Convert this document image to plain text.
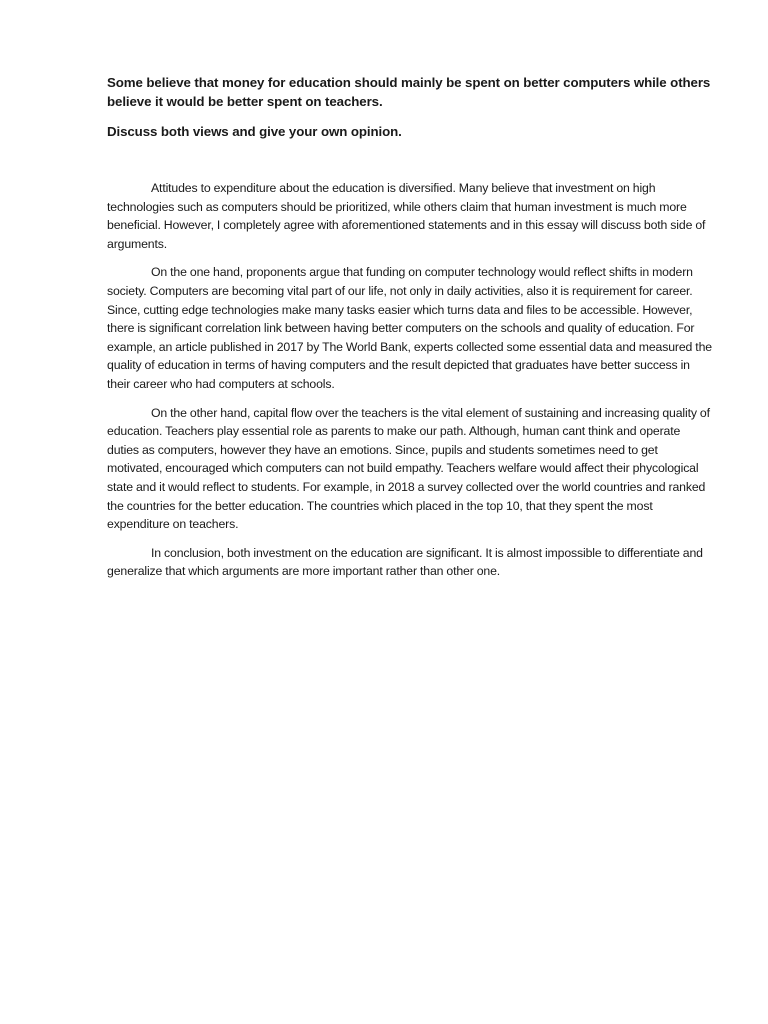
Some believe that money for education should mainly be spent on better computers while others believe it would be better spent on teachers.

Discuss both views and give your own opinion.

Attitudes to expenditure about the education is diversified. Many believe that investment on high technologies such as computers should be prioritized, while others claim that human investment is much more beneficial. However, I completely agree with aforementioned statements and in this essay will discuss both side of arguments.

On the one hand, proponents argue that funding on computer technology would reflect shifts in modern society. Computers are becoming vital part of our life, not only in daily activities, also it is requirement for career. Since, cutting edge technologies make many tasks easier which turns data and files to be accessible. However, there is significant correlation link between having better computers on the schools and quality of education. For example, an article published in 2017 by The World Bank, experts collected some essential data and measured the quality of education in terms of having computers and the result depicted that graduates have better success in their career who had computers at schools.

On the other hand, capital flow over the teachers is the vital element of sustaining and increasing quality of education. Teachers play essential role as parents to make our path. Although, human cant think and operate duties as computers, however they have an emotions. Since, pupils and students sometimes need to get motivated, encouraged which computers can not build empathy. Teachers welfare would affect their phycological state and it would reflect to students. For example, in 2018 a survey collected over the world countries and ranked the countries for the better education. The countries which placed in the top 10, that they spent the most expenditure on teachers.

In conclusion, both investment on the education are significant. It is almost impossible to differentiate and generalize that which arguments are more important rather than other one.
